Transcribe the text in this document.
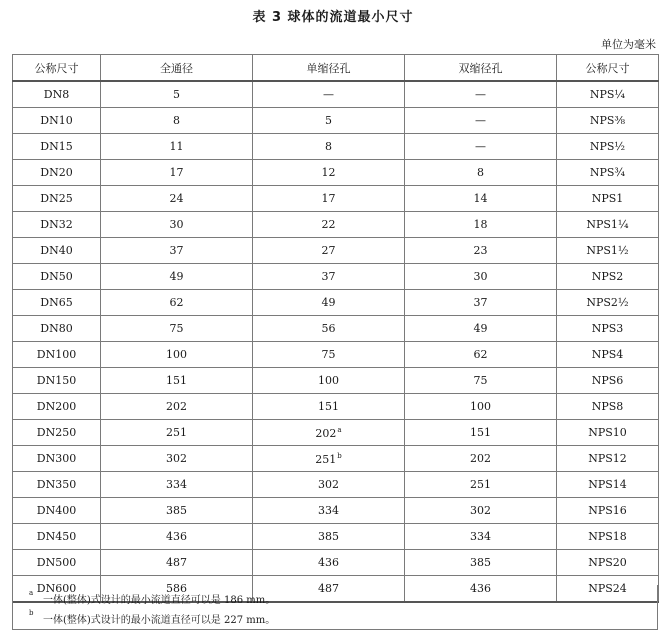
表 3 球体的流道最小尺寸
单位为毫米
公称尺寸	全通径	单缩径孔	双缩径孔	公称尺寸
DN8	5	—	—	NPS¼
DN10	8	5	—	NPS⅜
DN15	11	8	—	NPS½
DN20	17	12	8	NPS¾
DN25	24	17	14	NPS1
DN32	30	22	18	NPS1¼
DN40	37	27	23	NPS1½
DN50	49	37	30	NPS2
DN65	62	49	37	NPS2½
DN80	75	56	49	NPS3
DN100	100	75	62	NPS4
DN150	151	100	75	NPS6
DN200	202	151	100	NPS8
DN250	251	202$^a$	151	NPS10
DN300	302	251$^b$	202	NPS12
DN350	334	302	251	NPS14
DN400	385	334	302	NPS16
DN450	436	385	334	NPS18
DN500	487	436	385	NPS20
DN600	586	487	436	NPS24
a
一体(整体)式设计的最小流道直径可以是 186 mm。
b
一体(整体)式设计的最小流道直径可以是 227 mm。
